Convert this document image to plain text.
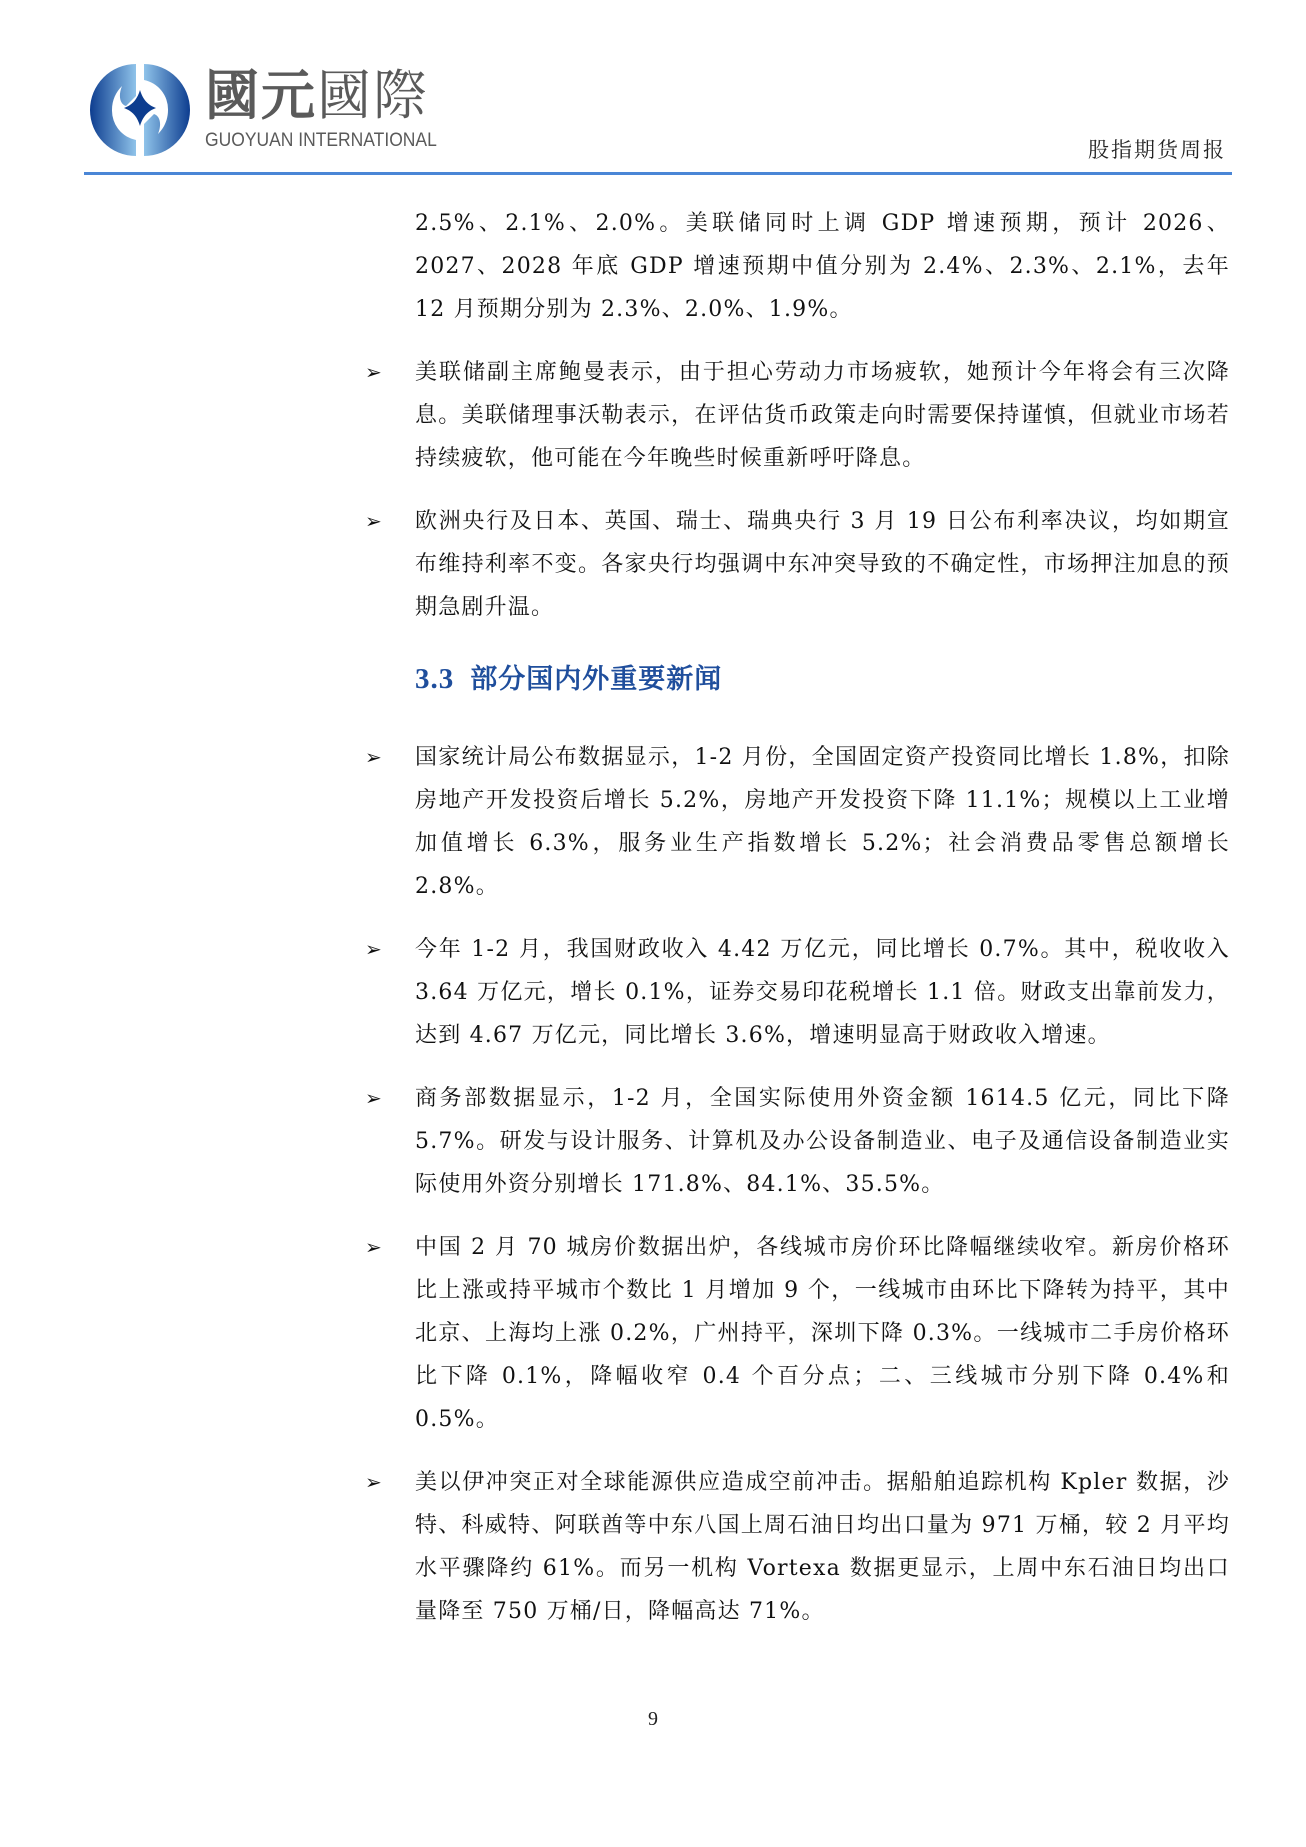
國元國際
GUOYUAN INTERNATIONAL	股指期货周报

2.5%、2.1%、2.0%。美联储同时上调 GDP 增速预期，预计 2026、2027、2028 年底 GDP 增速预期中值分别为 2.4%、2.3%、2.1%，去年 12 月预期分别为 2.3%、2.0%、1.9%。

➢ 美联储副主席鲍曼表示，由于担心劳动力市场疲软，她预计今年将会有三次降息。美联储理事沃勒表示，在评估货币政策走向时需要保持谨慎，但就业市场若持续疲软，他可能在今年晚些时候重新呼吁降息。

➢ 欧洲央行及日本、英国、瑞士、瑞典央行 3 月 19 日公布利率决议，均如期宣布维持利率不变。各家央行均强调中东冲突导致的不确定性，市场押注加息的预期急剧升温。

3.3 部分国内外重要新闻
➢ 国家统计局公布数据显示，1-2 月份，全国固定资产投资同比增长 1.8%，扣除房地产开发投资后增长 5.2%，房地产开发投资下降 11.1%；规模以上工业增加值增长 6.3%，服务业生产指数增长 5.2%；社会消费品零售总额增长 2.8%。

➢ 今年 1-2 月，我国财政收入 4.42 万亿元，同比增长 0.7%。其中，税收收入 3.64 万亿元，增长 0.1%，证券交易印花税增长 1.1 倍。财政支出靠前发力，达到 4.67 万亿元，同比增长 3.6%，增速明显高于财政收入增速。

➢ 商务部数据显示，1-2 月，全国实际使用外资金额 1614.5 亿元，同比下降 5.7%。研发与设计服务、计算机及办公设备制造业、电子及通信设备制造业实际使用外资分别增长 171.8%、84.1%、35.5%。

➢ 中国 2 月 70 城房价数据出炉，各线城市房价环比降幅继续收窄。新房价格环比上涨或持平城市个数比 1 月增加 9 个，一线城市由环比下降转为持平，其中北京、上海均上涨 0.2%，广州持平，深圳下降 0.3%。一线城市二手房价格环比下降 0.1%，降幅收窄 0.4 个百分点；二、三线城市分别下降 0.4%和 0.5%。

➢ 美以伊冲突正对全球能源供应造成空前冲击。据船舶追踪机构 Kpler 数据，沙特、科威特、阿联酋等中东八国上周石油日均出口量为 971 万桶，较 2 月平均水平骤降约 61%。而另一机构 Vortexa 数据更显示，上周中东石油日均出口量降至 750 万桶/日，降幅高达 71%。

9
